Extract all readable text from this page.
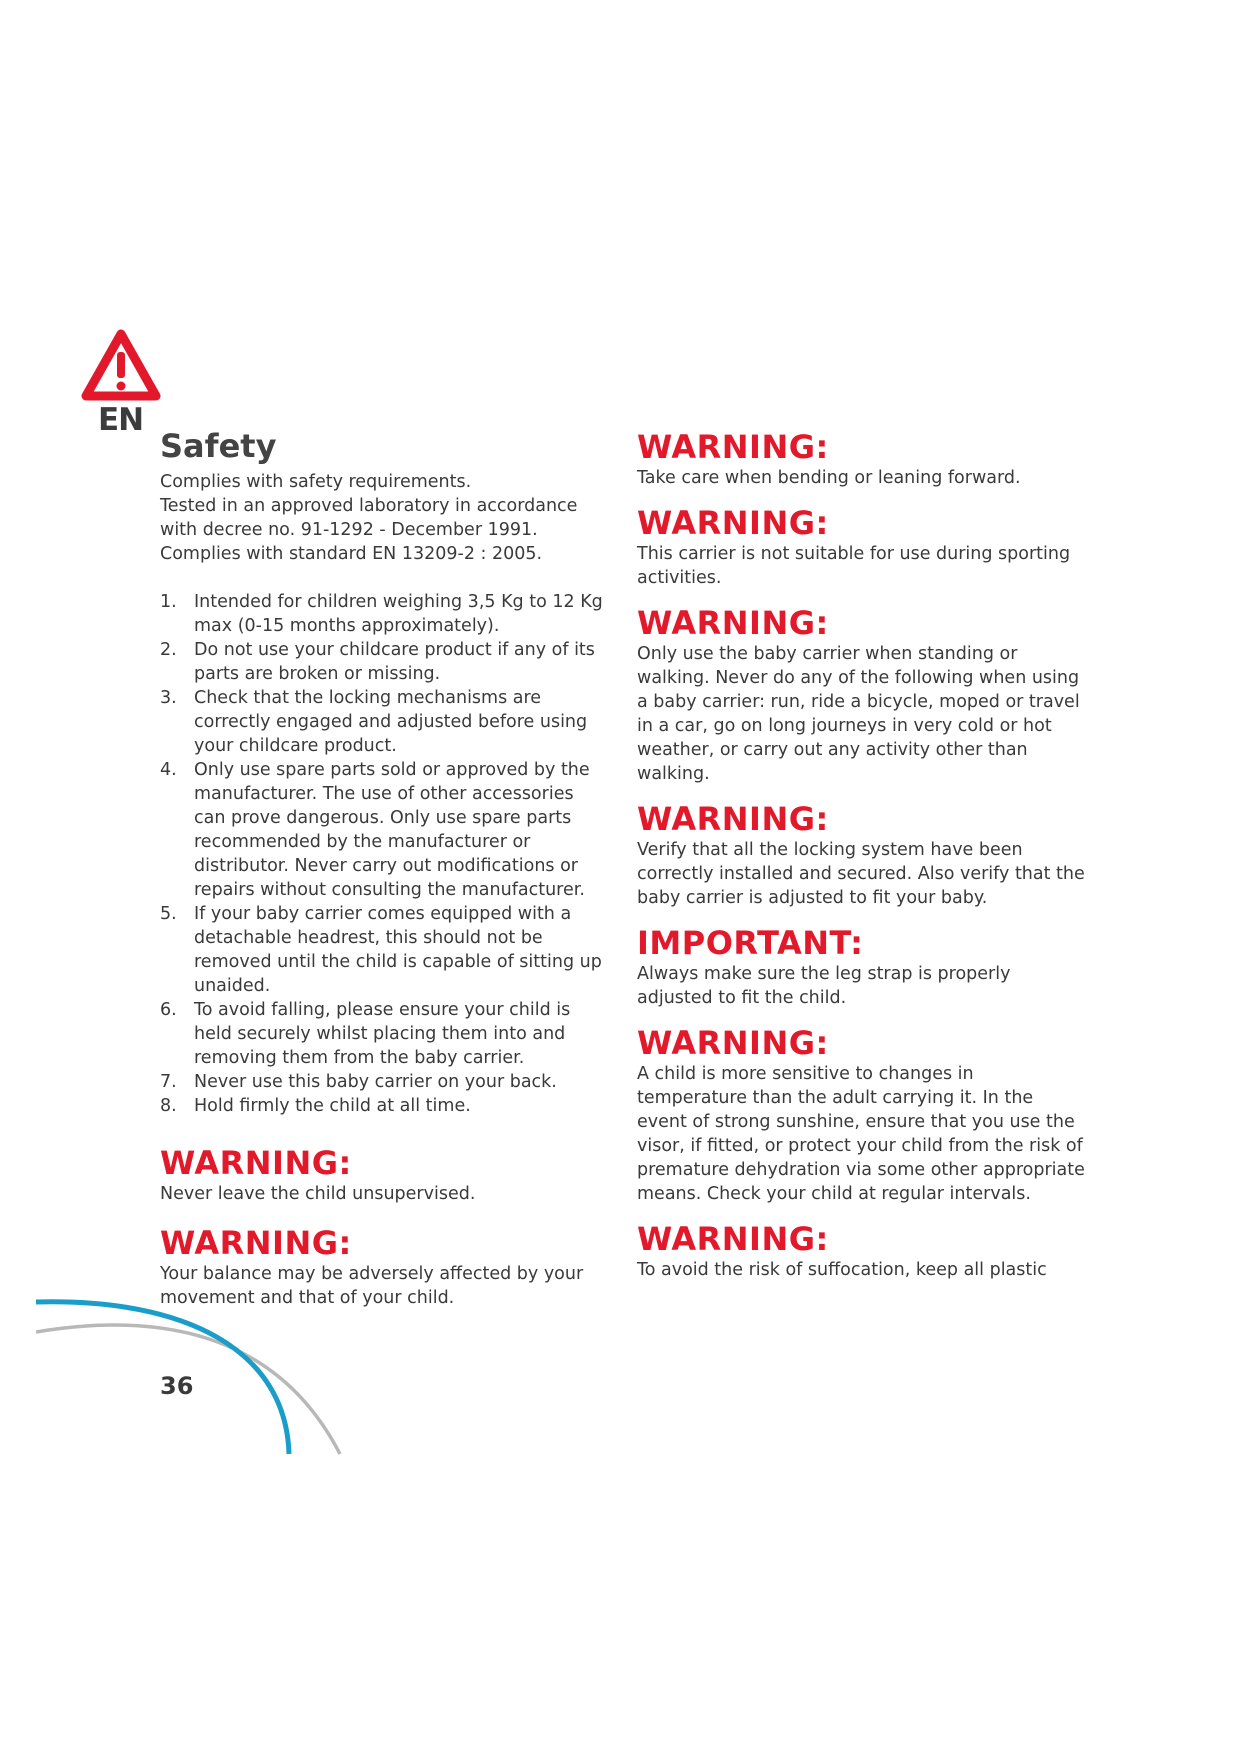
EN
Safety

Complies with safety requirements.

Tested in an approved laboratory in accordance with decree no. 91-1292 - December 1991.

Complies with standard EN 13209-2 : 2005.

1. Intended for children weighing 3,5 Kg to 12 Kg max (0-15 months approximately).
2. Do not use your childcare product if any of its parts are broken or missing.
3. Check that the locking mechanisms are correctly engaged and adjusted before using your childcare product.
4. Only use spare parts sold or approved by the manufacturer. The use of other accessories can prove dangerous. Only use spare parts recommended by the manufacturer or distributor. Never carry out modifications or repairs without consulting the manufacturer.
5. If your baby carrier comes equipped with a detachable headrest, this should not be removed until the child is capable of sitting up unaided.
6. To avoid falling, please ensure your child is held securely whilst placing them into and removing them from the baby carrier.
7. Never use this baby carrier on your back.
8. Hold firmly the child at all time.
WARNING:

Never leave the child unsupervised.

WARNING:

Your balance may be adversely affected by your movement and that of your child.

WARNING:

Take care when bending or leaning forward.

WARNING:

This carrier is not suitable for use during sporting activities.

WARNING:

Only use the baby carrier when standing or walking. Never do any of the following when using a baby carrier: run, ride a bicycle, moped or travel in a car, go on long journeys in very cold or hot weather, or carry out any activity other than walking.

WARNING:

Verify that all the locking system have been correctly installed and secured. Also verify that the baby carrier is adjusted to fit your baby.

IMPORTANT:

Always make sure the leg strap is properly adjusted to fit the child.

WARNING:

A child is more sensitive to changes in temperature than the adult carrying it. In the event of strong sunshine, ensure that you use the visor, if fitted, or protect your child from the risk of premature dehydration via some other appropriate means. Check your child at regular intervals.

WARNING:

To avoid the risk of suffocation, keep all plastic

36
